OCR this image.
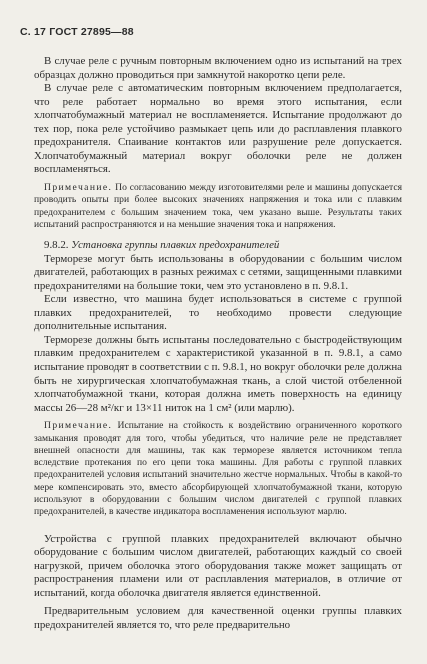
С. 17 ГОСТ 27895—88

В случае реле с ручным повторным включением одно из испытаний на трех образцах должно проводиться при замкнутой накоротко цепи реле.

В случае реле с автоматическим повторным включением предполагается, что реле работает нормально во время этого испытания, если хлопчатобумажный материал не воспламеняется. Испытание продолжают до тех пор, пока реле устойчиво размыкает цепь или до расплавления плавкого предохранителя. Спаивание контактов или разрушение реле допускается. Хлопчатобумажный материал вокруг оболочки реле не должен воспламеняться.

Примечание. По согласованию между изготовителями реле и машины допускается проводить опыты при более высоких значениях напряжения и тока или с плавким предохранителем с большим значением тока, чем указано выше. Результаты таких испытаний распространяются и на меньшие значения тока и напряжения.

9.8.2. Установка группы плавких предохранителей

Терморезе могут быть использованы в оборудовании с большим числом двигателей, работающих в разных режимах с сетями, защищенными плавкими предохранителями на большие токи, чем это установлено в п. 9.8.1.

Если известно, что машина будет использоваться в системе с группой плавких предохранителей, то необходимо провести следующие дополнительные испытания.

Терморезе должны быть испытаны последовательно с быстродействующим плавким предохранителем с характеристикой указанной в п. 9.8.1, а само испытание проводят в соответствии с п. 9.8.1, но вокруг оболочки реле должна быть не хирургическая хлопчатобумажная ткань, а слой чистой отбеленной хлопчатобумажной ткани, которая должна иметь поверхность на единицу массы 26—28 м²/кг и 13×11 ниток на 1 см² (или марлю).

Примечание. Испытание на стойкость к воздействию ограниченного короткого замыкания проводят для того, чтобы убедиться, что наличие реле не представляет внешней опасности для машины, так как терморезе является источником тепла вследствие протекания по его цепи тока машины. Для работы с группой плавких предохранителей условия испытаний значительно жестче нормальных. Чтобы в какой-то мере компенсировать это, вместо абсорбирующей хлопчатобумажной ткани, которую используют в оборудовании с большим числом двигателей с группой плавких предохранителей, в качестве индикатора воспламенения используют марлю.

Устройства с группой плавких предохранителей включают обычно оборудование с большим числом двигателей, работающих каждый со своей нагрузкой, причем оболочка этого оборудования также может защищать от распространения пламени или от расплавления материалов, в отличие от испытаний, когда оболочка двигателя является единственной.

Предварительным условием для качественной оценки группы плавких предохранителей является то, что реле предварительно
